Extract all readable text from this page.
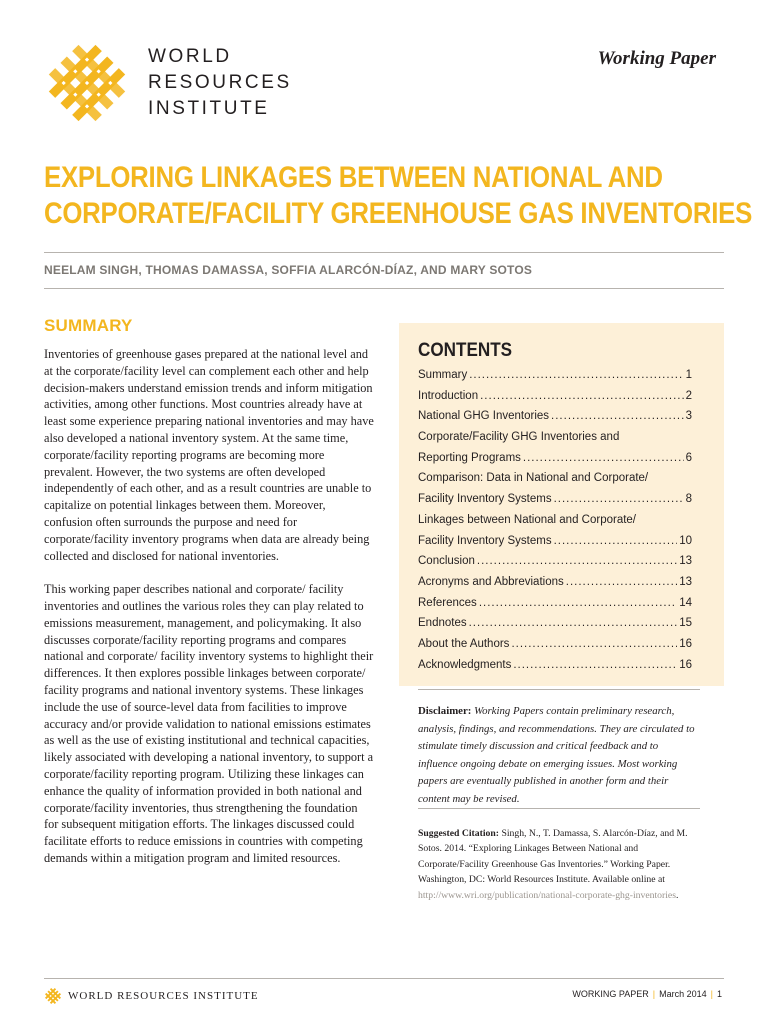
WORLD
RESOURCES
INSTITUTE
Working Paper
EXPLORING LINKAGES BETWEEN NATIONAL AND
CORPORATE/FACILITY GREENHOUSE GAS INVENTORIES
NEELAM SINGH, THOMAS DAMASSA, SOFFIA ALARCÓN-DÍAZ, AND MARY SOTOS
SUMMARY

Inventories of greenhouse gases prepared at the national level and at the corporate/facility level can complement each other and help decision-makers understand emission trends and inform mitigation activities, among other functions. Most countries already have at least some experience preparing national inventories and may have also developed a national inventory system. At the same time, corporate/facility reporting programs are becoming more prevalent. However, the two systems are often developed independently of each other, and as a result countries are unable to capitalize on potential linkages between them. Moreover, confusion often surrounds the purpose and need for corporate/facility inventory programs when data are already being collected and disclosed for national inventories.

This working paper describes national and corporate/ facility inventories and outlines the various roles they can play related to emissions measurement, management, and policymaking. It also discusses corporate/facility reporting programs and compares national and corporate/ facility inventory systems to highlight their differences. It then explores possible linkages between corporate/ facility programs and national inventory systems. These linkages include the use of source-level data from facilities to improve accuracy and/or provide validation to national emissions estimates as well as the use of existing institutional and technical capacities, likely associated with developing a national inventory, to support a corporate/facility reporting program. Utilizing these linkages can enhance the quality of information provided in both national and corporate/facility inventories, thus strengthening the foundation for subsequent mitigation efforts. The linkages discussed could facilitate efforts to reduce emissions in countries with competing demands within a mitigation program and limited resources.

CONTENTS
Summary .....	1
Introduction .....	2
National GHG Inventories .....	3
Corporate/Facility GHG Inventories and
Reporting Programs .....	6
Comparison: Data in National and Corporate/
Facility Inventory Systems .....	8
Linkages between National and Corporate/
Facility Inventory Systems .....	10
Conclusion .....	13
Acronyms and Abbreviations .....	13
References .....	14
Endnotes .....	15
About the Authors .....	16
Acknowledgments .....	16
Disclaimer: Working Papers contain preliminary research, analysis, findings, and recommendations. They are circulated to stimulate timely discussion and critical feedback and to influence ongoing debate on emerging issues. Most working papers are eventually published in another form and their content may be revised.
Suggested Citation: Singh, N., T. Damassa, S. Alarcón-Díaz, and M. Sotos. 2014. “Exploring Linkages Between National and Corporate/Facility Greenhouse Gas Inventories.” Working Paper. Washington, DC: World Resources Institute. Available online at http://www.wri.org/publication/national-corporate-ghg-inventories.
WORLD RESOURCES INSTITUTE	WORKING PAPER | March 2014 | 1
